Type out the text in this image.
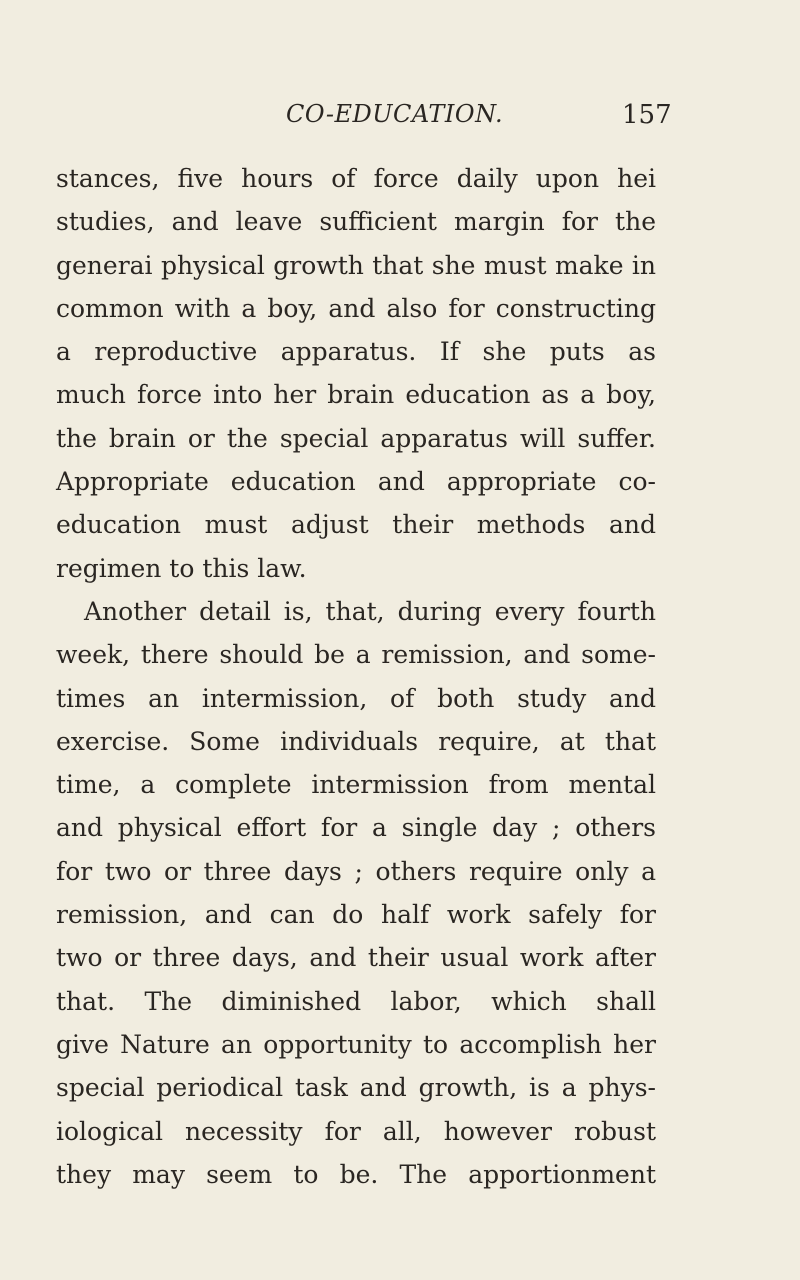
CO-EDUCATION.	157
stances, five hours of force daily upon hei
studies, and leave sufficient margin for the
generai physical growth that she must make in
common with a boy, and also for constructing
a reproductive apparatus. If she puts as
much force into her brain education as a boy,
the brain or the special apparatus will suffer.
Appropriate education and appropriate co-
education must adjust their methods and
regimen to this law.
Another detail is, that, during every fourth
week, there should be a remission, and some-
times an intermission, of both study and
exercise. Some individuals require, at that
time, a complete intermission from mental
and physical effort for a single day ; others
for two or three days ; others require only a
remission, and can do half work safely for
two or three days, and their usual work after
that. The diminished labor, which shall
give Nature an opportunity to accomplish her
special periodical task and growth, is a phys-
iological necessity for all, however robust
they may seem to be. The apportionment
